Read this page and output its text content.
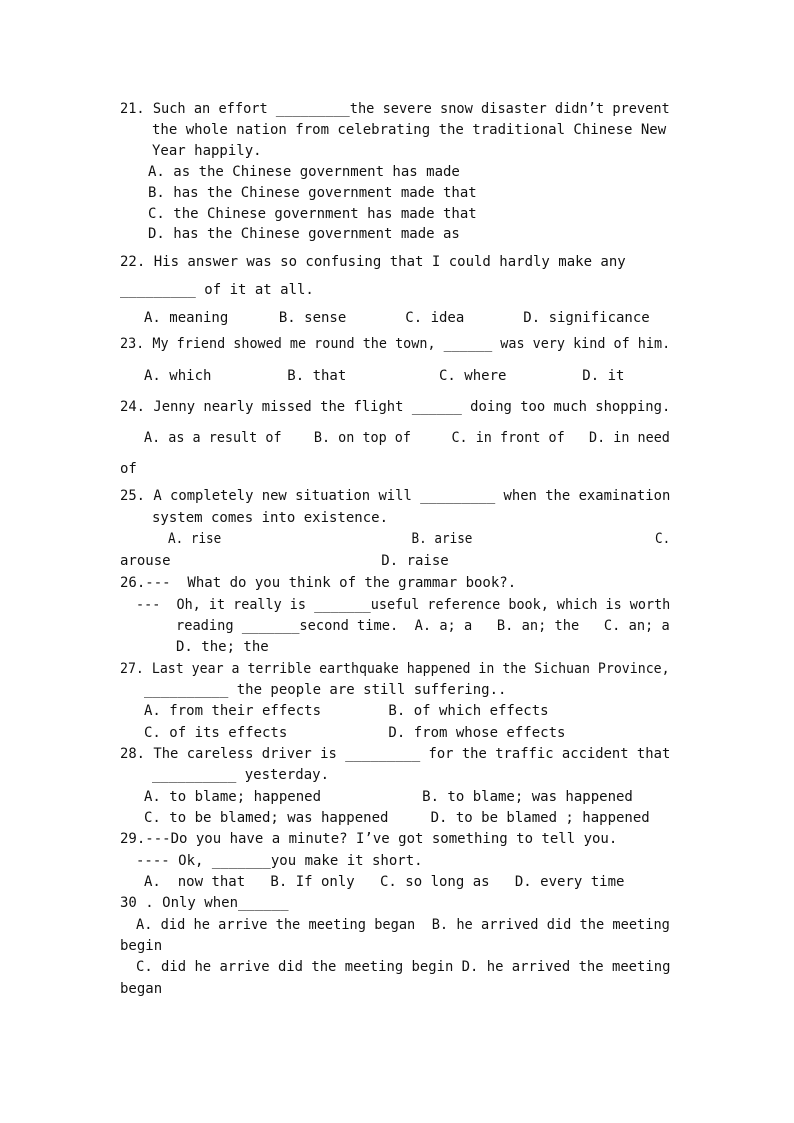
21. Such an effort _________the severe snow disaster didn’t prevent
the whole nation from celebrating the traditional Chinese New
Year happily.
A. as the Chinese government has made
B. has the Chinese government made that
C. the Chinese government has made that
D. has the Chinese government made as
22. His answer was so confusing that I could hardly make any
_________ of it at all.
A. meaning      B. sense       C. idea       D. significance
23. My friend showed me round the town, ______ was very kind of him.
A. which         B. that           C. where         D. it
24. Jenny nearly missed the flight ______ doing too much shopping.
A. as a result of    B. on top of     C. in front of   D. in need
of
25. A completely new situation will _________ when the examination
system comes into existence.
A. rise                         B. arise                        C.
arouse                         D. raise
26.---  What do you think of the grammar book?.
---  Oh, it really is _______useful reference book, which is worth
reading _______second time.  A. a; a   B. an; the   C. an; a
D. the; the
27. Last year a terrible earthquake happened in the Sichuan Province,
__________ the people are still suffering..
A. from their effects        B. of which effects
C. of its effects            D. from whose effects
28. The careless driver is _________ for the traffic accident that
__________ yesterday.
A. to blame; happened            B. to blame; was happened
C. to be blamed; was happened     D. to be blamed ; happened
29.---Do you have a minute? I’ve got something to tell you.
---- Ok, _______you make it short.
A.  now that   B. If only   C. so long as   D. every time
30 . Only when______
A. did he arrive the meeting began  B. he arrived did the meeting
begin
C. did he arrive did the meeting begin D. he arrived the meeting
began
